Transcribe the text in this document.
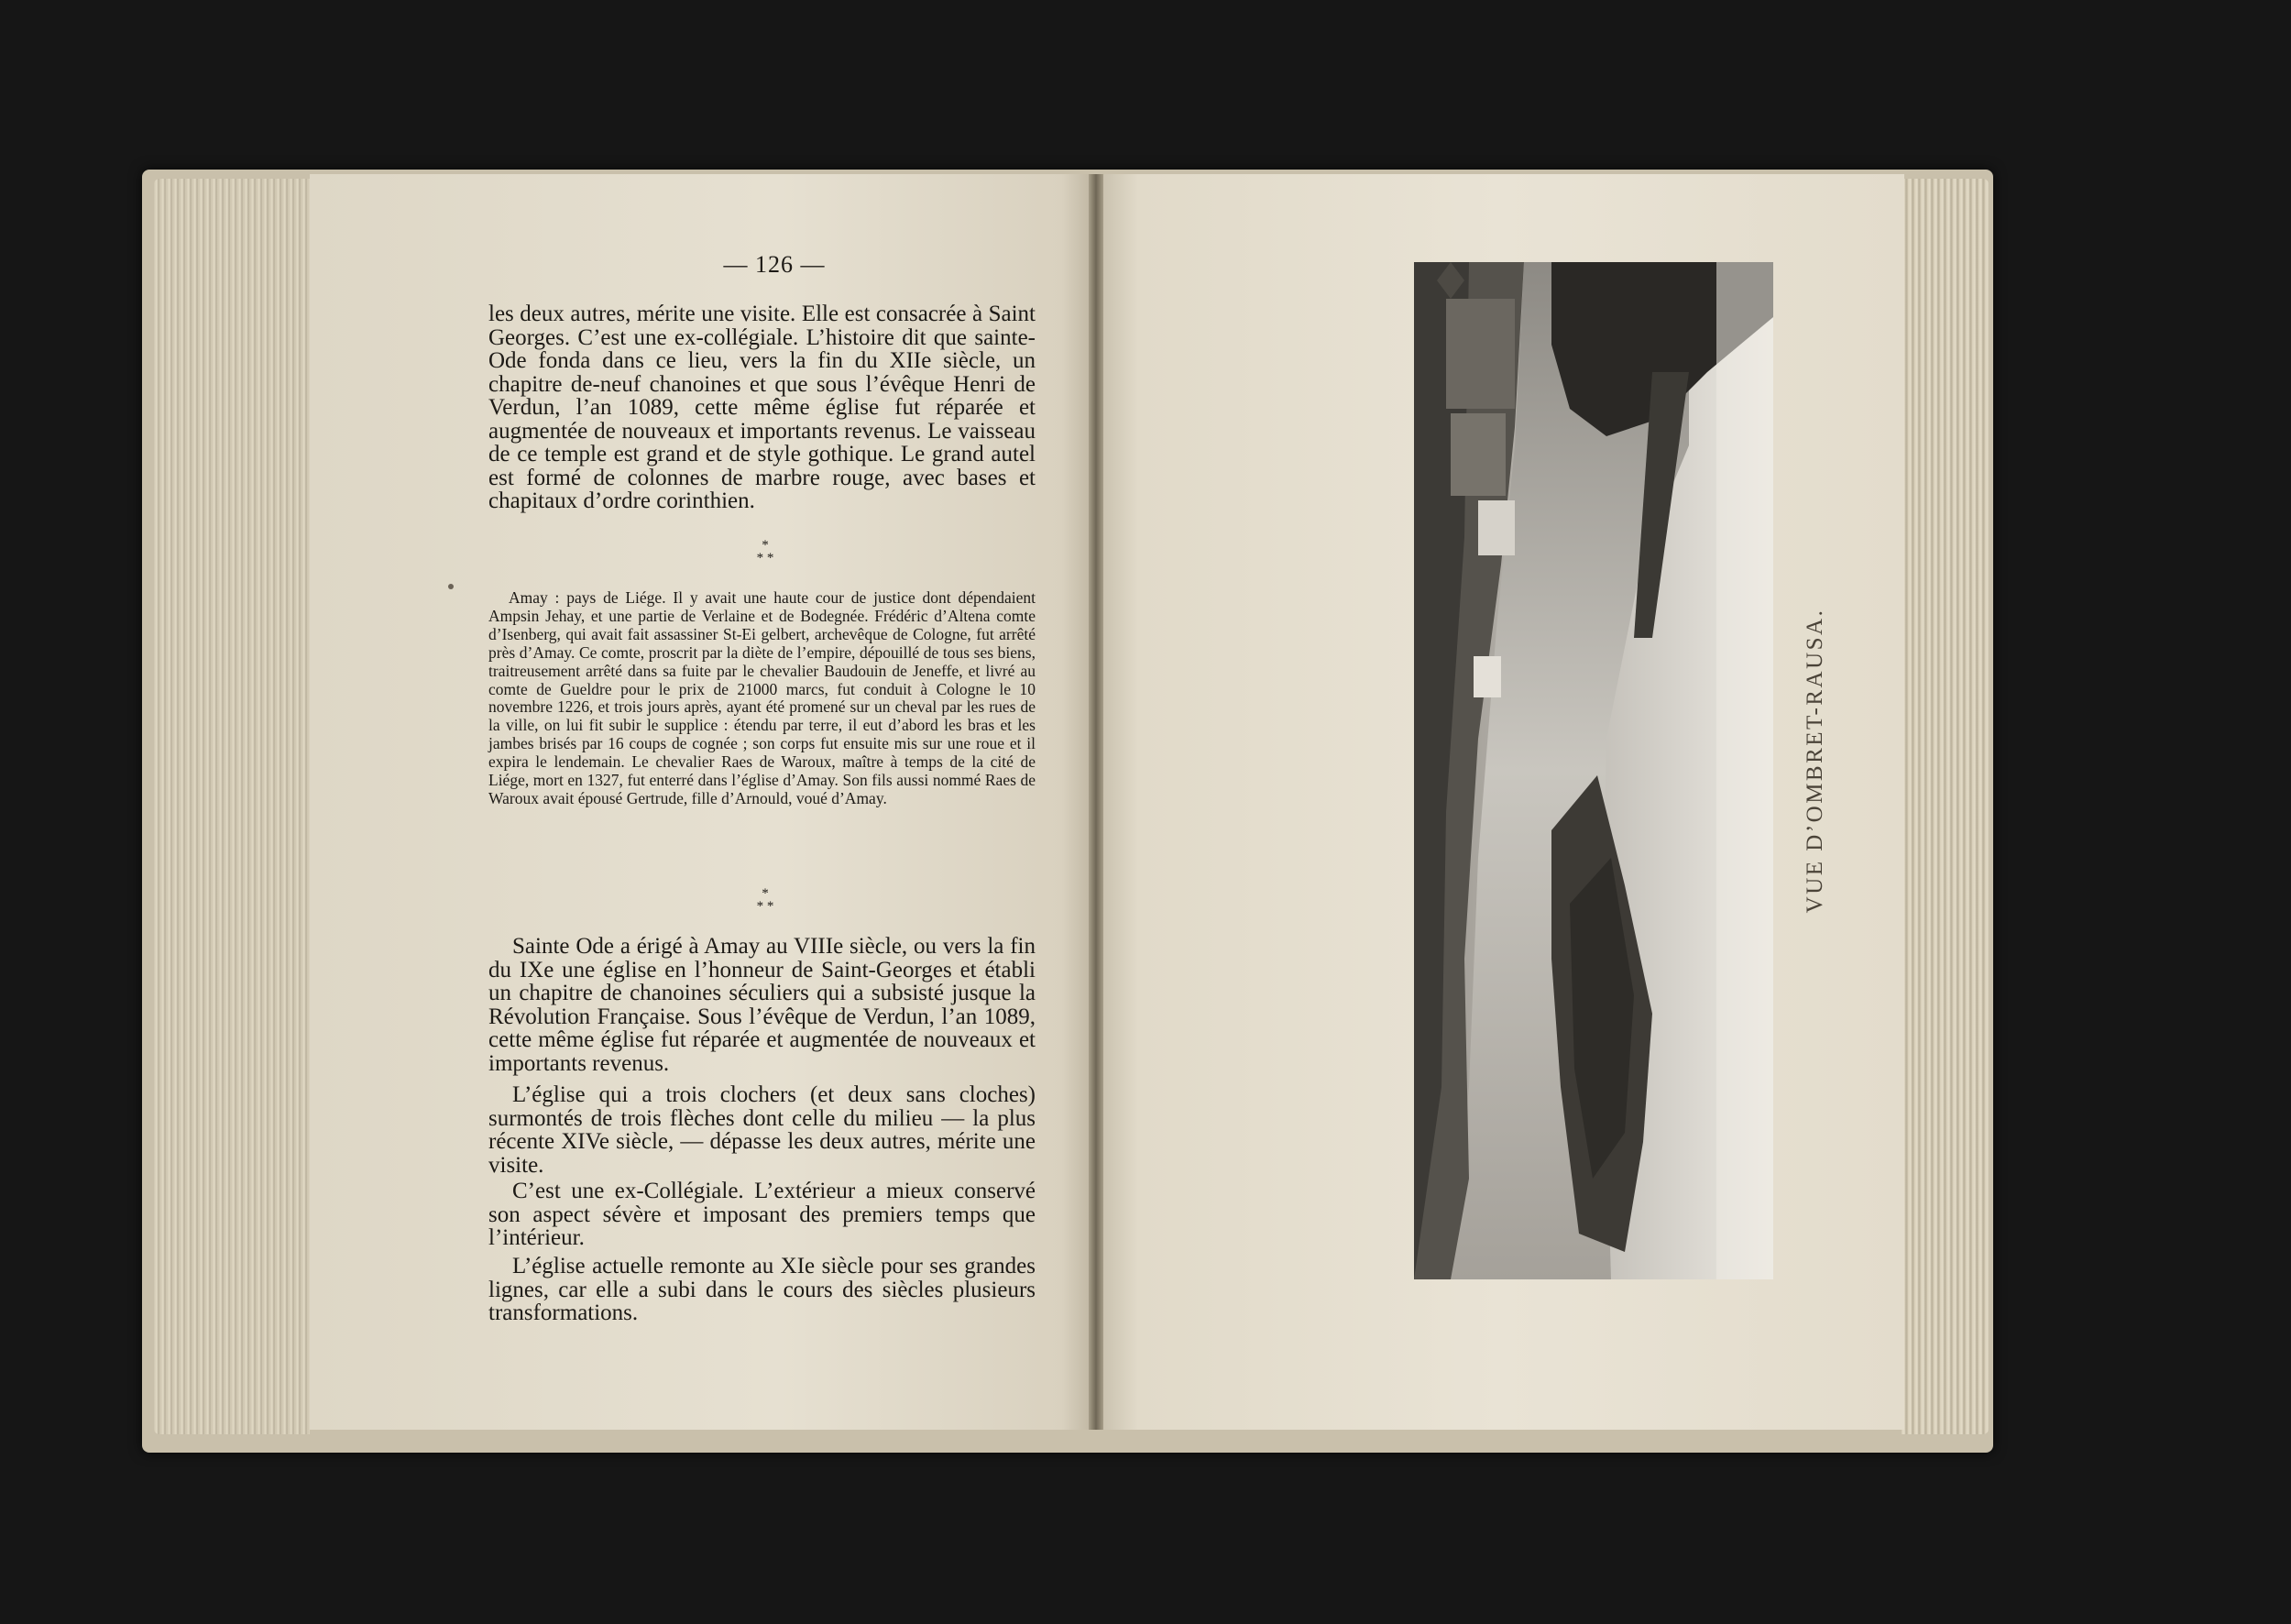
— 126 —
les deux autres, mérite une visite. Elle est consacrée à Saint Georges. C’est une ex-collégiale. L’histoire dit que sainte-Ode fonda dans ce lieu, vers la fin du XIIe siècle, un chapitre de-neuf chanoines et que sous l’évêque Henri de Verdun, l’an 1089, cette même église fut réparée et augmentée de nouveaux et importants revenus. Le vaisseau de ce temple est grand et de style gothique. Le grand autel est formé de colonnes de marbre rouge, avec bases et chapitaux d’ordre corinthien.
*
* *
Amay : pays de Liége. Il y avait une haute cour de justice dont dépendaient Ampsin Jehay, et une partie de Verlaine et de Bodegnée. Frédéric d’Altena comte d’Isenberg, qui avait fait assassiner St-Ei gelbert, archevêque de Cologne, fut arrêté près d’Amay. Ce comte, proscrit par la diète de l’empire, dépouillé de tous ses biens, traitreusement arrêté dans sa fuite par le chevalier Baudouin de Jeneffe, et livré au comte de Gueldre pour le prix de 21000 marcs, fut conduit à Cologne le 10 novembre 1226, et trois jours après, ayant été promené sur un cheval par les rues de la ville, on lui fit subir le supplice : étendu par terre, il eut d’abord les bras et les jambes brisés par 16 coups de cognée ; son corps fut ensuite mis sur une roue et il expira le lendemain. Le chevalier Raes de Waroux, maître à temps de la cité de Liége, mort en 1327, fut enterré dans l’église d’Amay. Son fils aussi nommé Raes de Waroux avait épousé Gertrude, fille d’Arnould, voué d’Amay.
*
* *
Sainte Ode a érigé à Amay au VIIIe siècle, ou vers la fin du IXe une église en l’honneur de Saint-Georges et établi un chapitre de chanoines séculiers qui a subsisté jusque la Révolution Française. Sous l’évêque de Verdun, l’an 1089, cette même église fut réparée et augmentée de nouveaux et importants revenus.
L’église qui a trois clochers (et deux sans cloches) surmontés de trois flèches dont celle du milieu — la plus récente XIVe siècle, — dépasse les deux autres, mérite une visite.
C’est une ex-Collégiale. L’extérieur a mieux conservé son aspect sévère et imposant des premiers temps que l’intérieur.
L’église actuelle remonte au XIe siècle pour ses grandes lignes, car elle a subi dans le cours des siècles plusieurs transformations.
VUE D’OMBRET-RAUSA.
